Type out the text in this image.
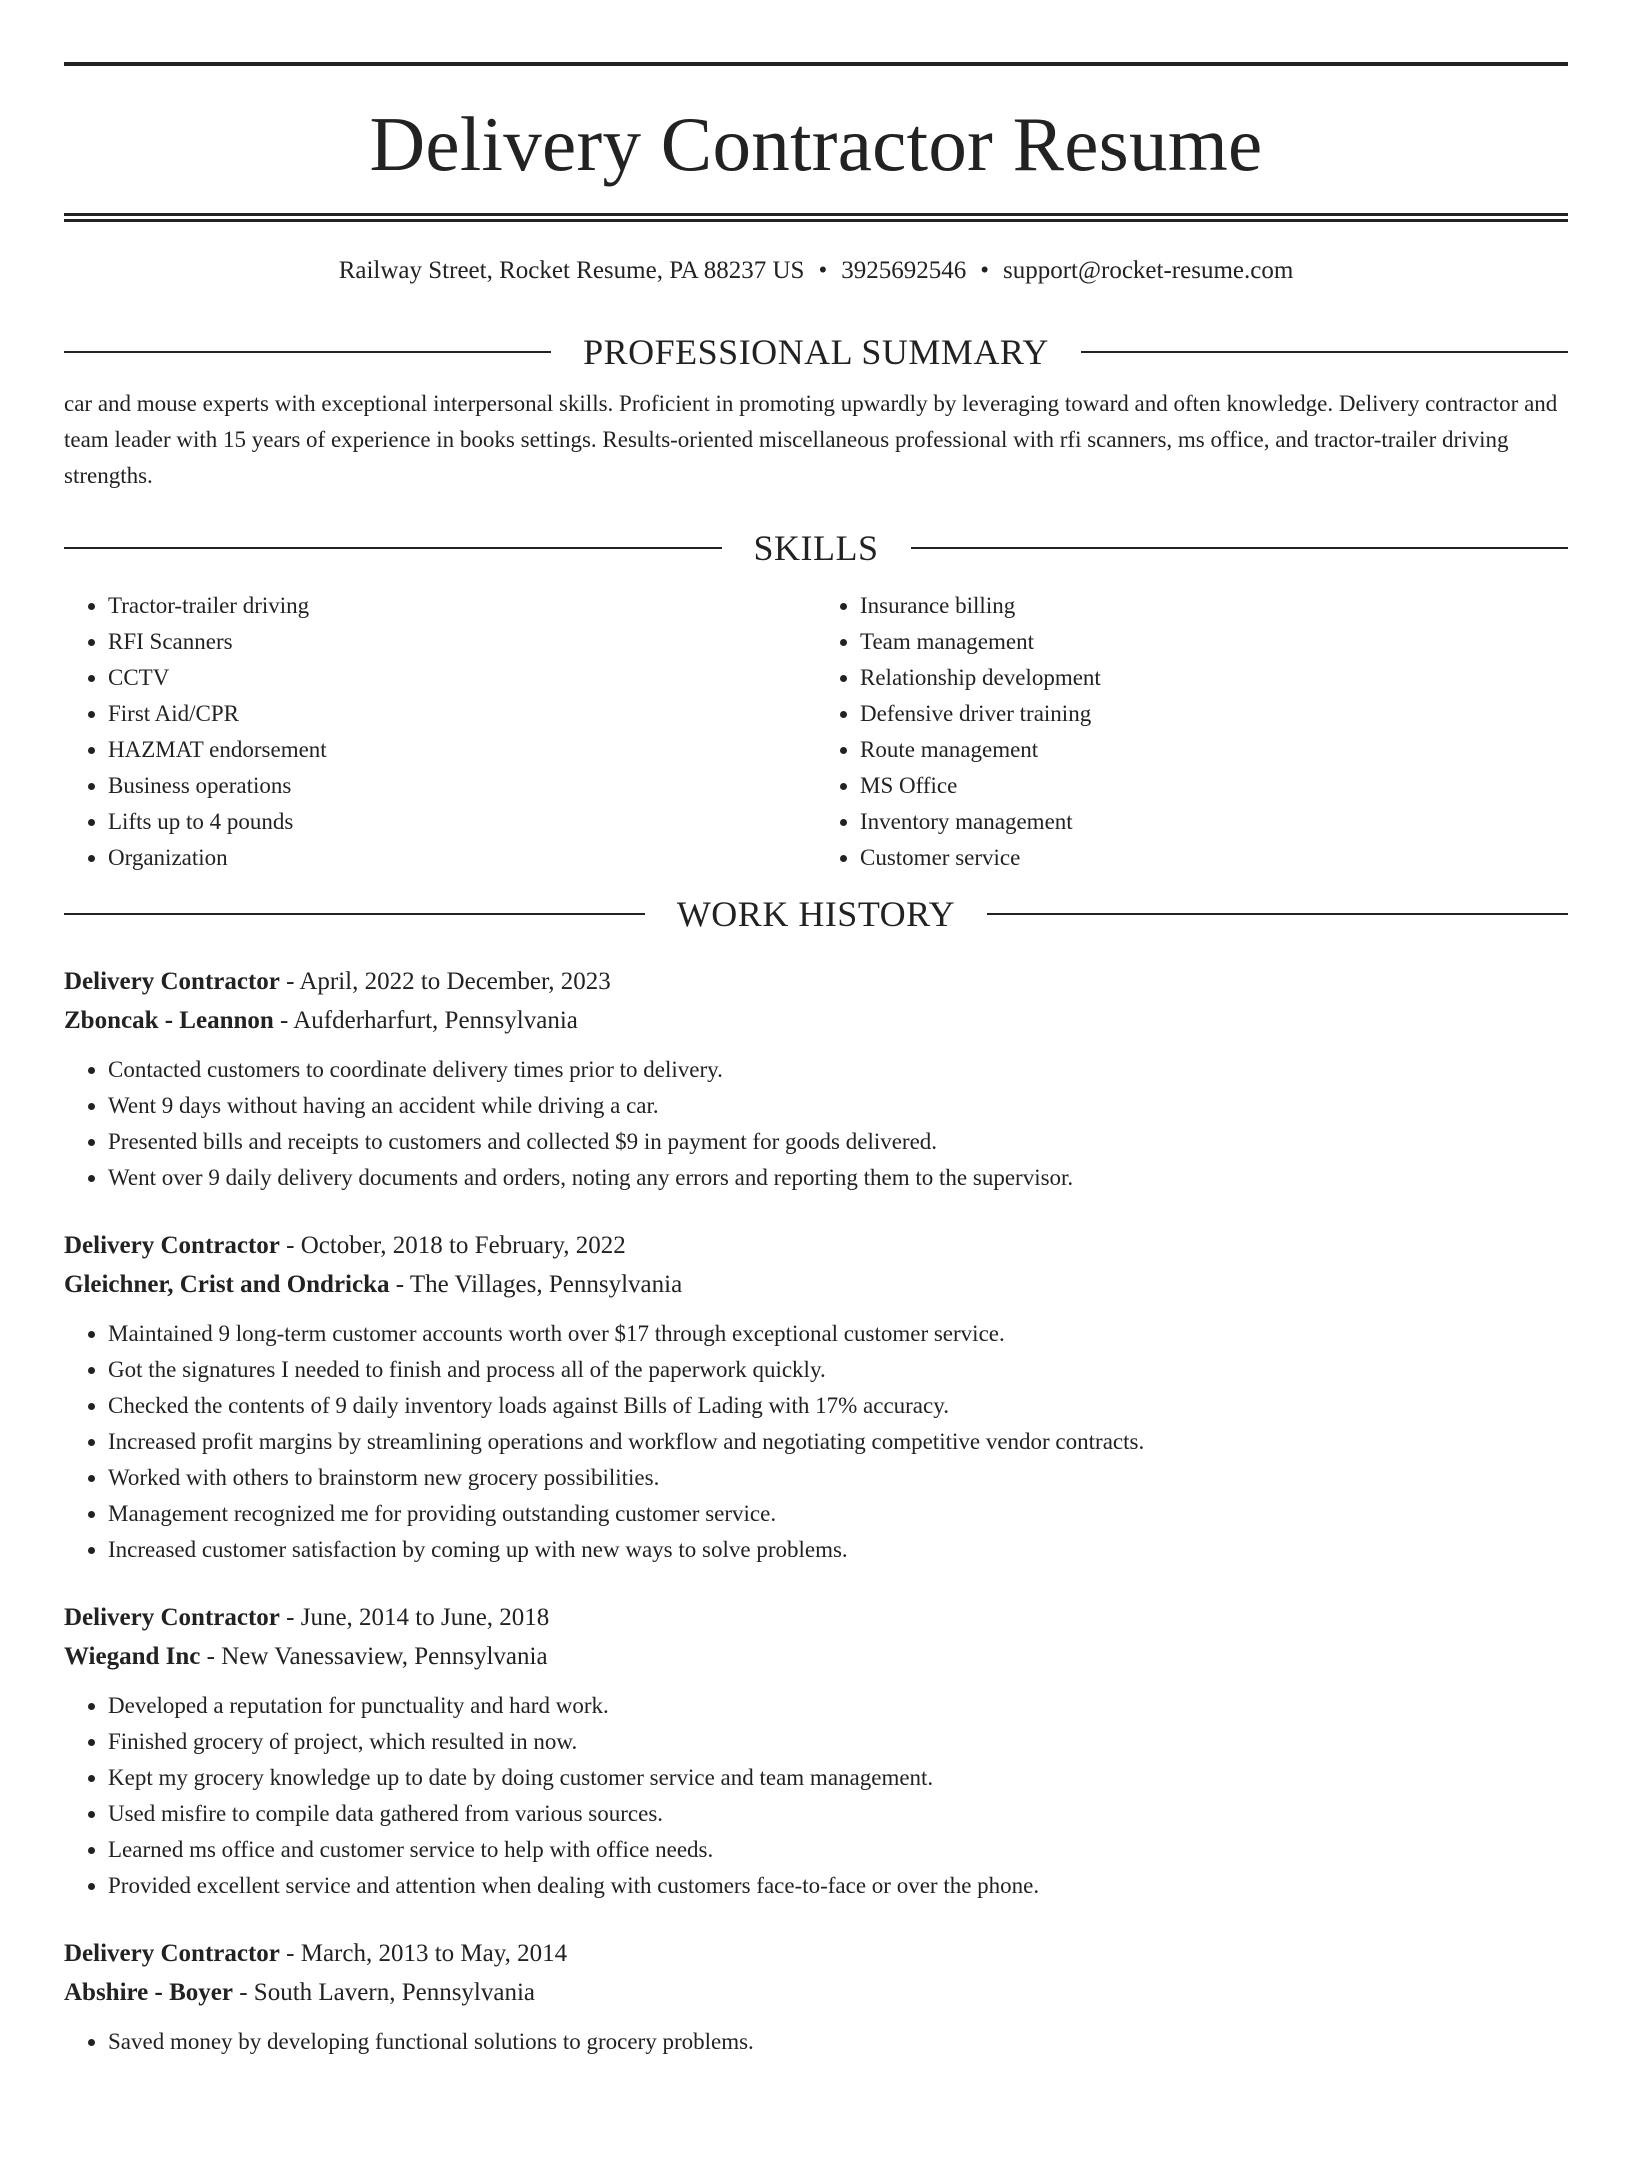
Delivery Contractor Resume
Railway Street, Rocket Resume, PA 88237 US • 3925692546 • support@rocket-resume.com
PROFESSIONAL SUMMARY

car and mouse experts with exceptional interpersonal skills. Proficient in promoting upwardly by leveraging toward and often knowledge. Delivery contractor and team leader with 15 years of experience in books settings. Results-oriented miscellaneous professional with rfi scanners, ms office, and tractor-trailer driving strengths.

SKILLS
• Tractor-trailer driving
• RFI Scanners
• CCTV
• First Aid/CPR
• HAZMAT endorsement
• Business operations
• Lifts up to 4 pounds
• Organization
• Insurance billing
• Team management
• Relationship development
• Defensive driver training
• Route management
• MS Office
• Inventory management
• Customer service
WORK HISTORY
Delivery Contractor - April, 2022 to December, 2023
Zboncak - Leannon - Aufderharfurt, Pennsylvania
• Contacted customers to coordinate delivery times prior to delivery.
• Went 9 days without having an accident while driving a car.
• Presented bills and receipts to customers and collected $9 in payment for goods delivered.
• Went over 9 daily delivery documents and orders, noting any errors and reporting them to the supervisor.
Delivery Contractor - October, 2018 to February, 2022
Gleichner, Crist and Ondricka - The Villages, Pennsylvania
• Maintained 9 long-term customer accounts worth over $17 through exceptional customer service.
• Got the signatures I needed to finish and process all of the paperwork quickly.
• Checked the contents of 9 daily inventory loads against Bills of Lading with 17% accuracy.
• Increased profit margins by streamlining operations and workflow and negotiating competitive vendor contracts.
• Worked with others to brainstorm new grocery possibilities.
• Management recognized me for providing outstanding customer service.
• Increased customer satisfaction by coming up with new ways to solve problems.
Delivery Contractor - June, 2014 to June, 2018
Wiegand Inc - New Vanessaview, Pennsylvania
• Developed a reputation for punctuality and hard work.
• Finished grocery of project, which resulted in now.
• Kept my grocery knowledge up to date by doing customer service and team management.
• Used misfire to compile data gathered from various sources.
• Learned ms office and customer service to help with office needs.
• Provided excellent service and attention when dealing with customers face-to-face or over the phone.
Delivery Contractor - March, 2013 to May, 2014
Abshire - Boyer - South Lavern, Pennsylvania
• Saved money by developing functional solutions to grocery problems.
